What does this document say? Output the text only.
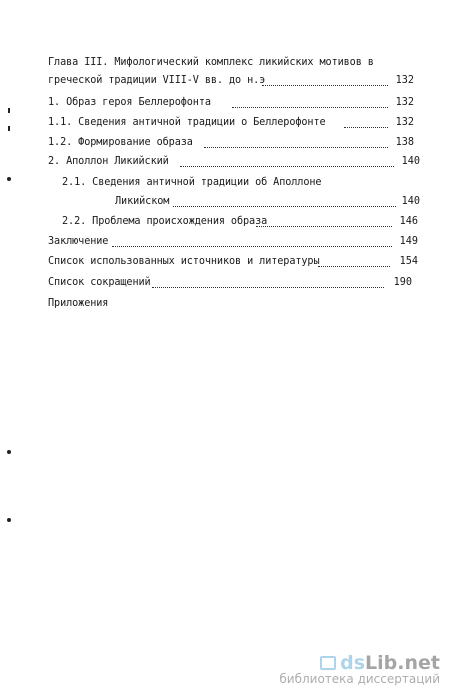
Глава III. Мифологический комплекс ликийских мотивов в
греческой традиции VIII-V вв. до н.э	132
1. Образ героя Беллерофонта	132
1.1. Сведения античной традиции о Беллерофонте	132
1.2. Формирование образа	138
2. Аполлон Ликийский	140
2.1. Сведения античной традиции об Аполлоне
Ликийском	140
2.2. Проблема происхождения образа	146
Заключение	149
Список использованных источников и литературы	154
Список сокращений	190
Приложения
dsLib.net
библиотека диссертаций
